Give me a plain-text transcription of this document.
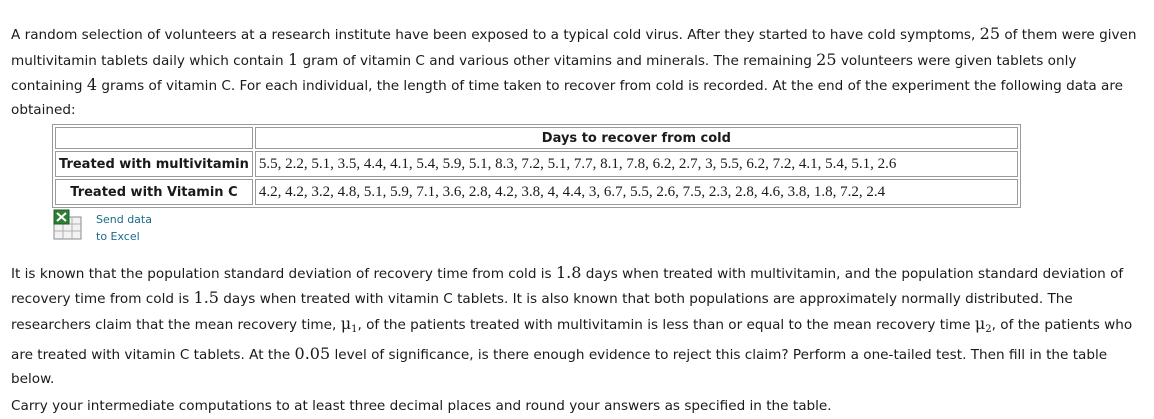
A random selection of volunteers at a research institute have been exposed to a typical cold virus. After they started to have cold symptoms, 25 of them were given multivitamin tablets daily which contain 1 gram of vitamin C and various other vitamins and minerals. The remaining 25 volunteers were given tablets only containing 4 grams of vitamin C. For each individual, the length of time taken to recover from cold is recorded. At the end of the experiment the following data are obtained:

	Days to recover from cold
Treated with multivitamin	5.5, 2.2, 5.1, 3.5, 4.4, 4.1, 5.4, 5.9, 5.1, 8.3, 7.2, 5.1, 7.7, 8.1, 7.8, 6.2, 2.7, 3, 5.5, 6.2, 7.2, 4.1, 5.4, 5.1, 2.6
Treated with Vitamin C	4.2, 4.2, 3.2, 4.8, 5.1, 5.9, 7.1, 3.6, 2.8, 4.2, 3.8, 4, 4.4, 3, 6.7, 5.5, 2.6, 7.5, 2.3, 2.8, 4.6, 3.8, 1.8, 7.2, 2.4
Send data
to Excel

It is known that the population standard deviation of recovery time from cold is 1.8 days when treated with multivitamin, and the population standard deviation of recovery time from cold is 1.5 days when treated with vitamin C tablets. It is also known that both populations are approximately normally distributed. The researchers claim that the mean recovery time, $\mu_1$, of the patients treated with multivitamin is less than or equal to the mean recovery time $\mu_2$, of the patients who are treated with vitamin C tablets. At the 0.05 level of significance, is there enough evidence to reject this claim? Perform a one-tailed test. Then fill in the table below.

Carry your intermediate computations to at least three decimal places and round your answers as specified in the table.
